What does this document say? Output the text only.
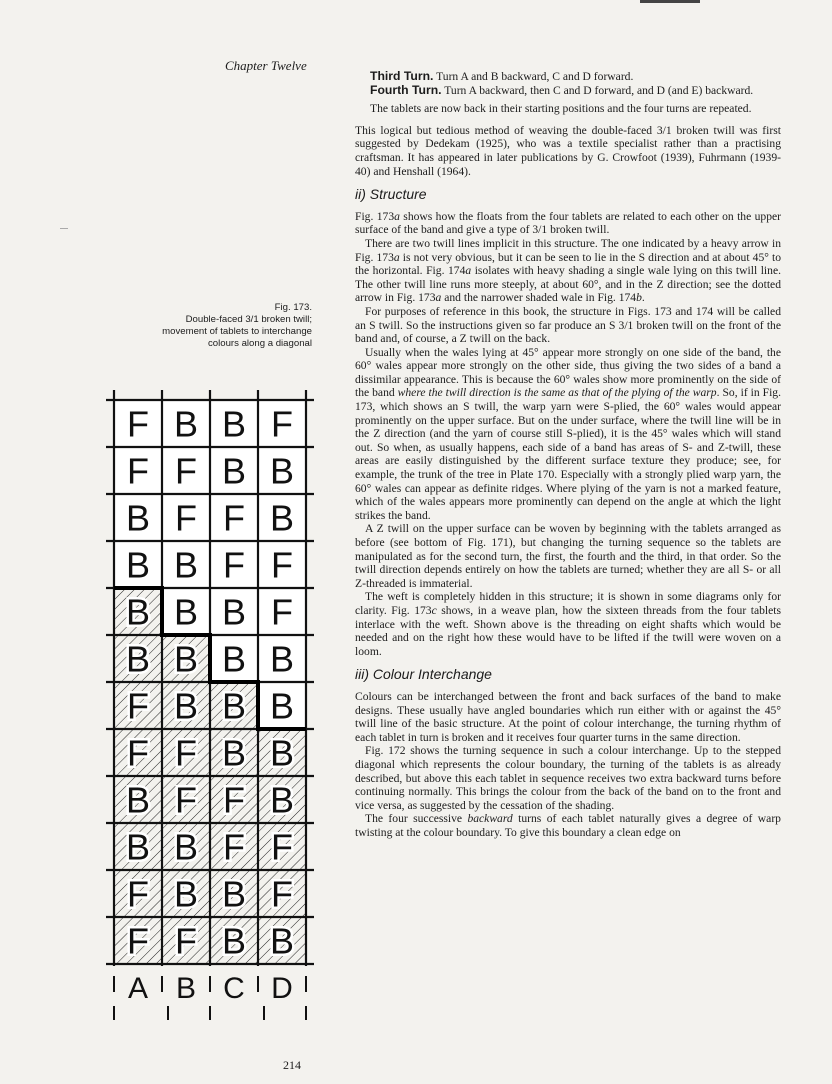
Chapter Twelve
Fig. 173.
Double-faced 3/1 broken twill;
movement of tablets to interchange
colours along a diagonal
F B B F
F F B B
B F F B
B B F F
B B B F
B B B B
F B B B
F F B B
B F F B
B B F F
F B B F
F F B B
A B C D
214

Third Turn. Turn A and B backward, C and D forward.

Fourth Turn. Turn A backward, then C and D forward, and D (and E) backward.

The tablets are now back in their starting positions and the four turns are repeated.

This logical but tedious method of weaving the double-faced 3/1 broken twill was first suggested by Dedekam (1925), who was a textile specialist rather than a practising craftsman. It has appeared in later publications by G. Crowfoot (1939), Fuhrmann (1939-40) and Henshall (1964).

ii) Structure

Fig. 173a shows how the floats from the four tablets are related to each other on the upper surface of the band and give a type of 3/1 broken twill.

There are two twill lines implicit in this structure. The one indicated by a heavy arrow in Fig. 173a is not very obvious, but it can be seen to lie in the S direction and at about 45° to the horizontal. Fig. 174a isolates with heavy shading a single wale lying on this twill line. The other twill line runs more steeply, at about 60°, and in the Z direction; see the dotted arrow in Fig. 173a and the narrower shaded wale in Fig. 174b.

For purposes of reference in this book, the structure in Figs. 173 and 174 will be called an S twill. So the instructions given so far produce an S 3/1 broken twill on the front of the band and, of course, a Z twill on the back.

Usually when the wales lying at 45° appear more strongly on one side of the band, the 60° wales appear more strongly on the other side, thus giving the two sides of a band a dissimilar appearance. This is because the 60° wales show more prominently on the side of the band where the twill direction is the same as that of the plying of the warp. So, if in Fig. 173, which shows an S twill, the warp yarn were S-plied, the 60° wales would appear prominently on the upper surface. But on the under surface, where the twill line will be in the Z direction (and the yarn of course still S-plied), it is the 45° wales which will stand out. So when, as usually happens, each side of a band has areas of S- and Z-twill, these areas are easily distinguished by the different surface texture they produce; see, for example, the trunk of the tree in Plate 170. Especially with a strongly plied warp yarn, the 60° wales can appear as definite ridges. Where plying of the yarn is not a marked feature, which of the wales appears more prominently can depend on the angle at which the light strikes the band.

A Z twill on the upper surface can be woven by beginning with the tablets arranged as before (see bottom of Fig. 171), but changing the turning sequence so the tablets are manipulated as for the second turn, the first, the fourth and the third, in that order. So the twill direction depends entirely on how the tablets are turned; whether they are all S- or all Z-threaded is immaterial.

The weft is completely hidden in this structure; it is shown in some diagrams only for clarity. Fig. 173c shows, in a weave plan, how the sixteen threads from the four tablets interlace with the weft. Shown above is the threading on eight shafts which would be needed and on the right how these would have to be lifted if the twill were woven on a loom.

iii) Colour Interchange

Colours can be interchanged between the front and back surfaces of the band to make designs. These usually have angled boundaries which run either with or against the 45° twill line of the basic structure. At the point of colour interchange, the turning rhythm of each tablet in turn is broken and it receives four quarter turns in the same direction.

Fig. 172 shows the turning sequence in such a colour interchange. Up to the stepped diagonal which represents the colour boundary, the turning of the tablets is as already described, but above this each tablet in sequence receives two extra backward turns before continuing normally. This brings the colour from the back of the band on to the front and vice versa, as suggested by the cessation of the shading.

The four successive backward turns of each tablet naturally gives a degree of warp twisting at the colour boundary. To give this boundary a clean edge on
